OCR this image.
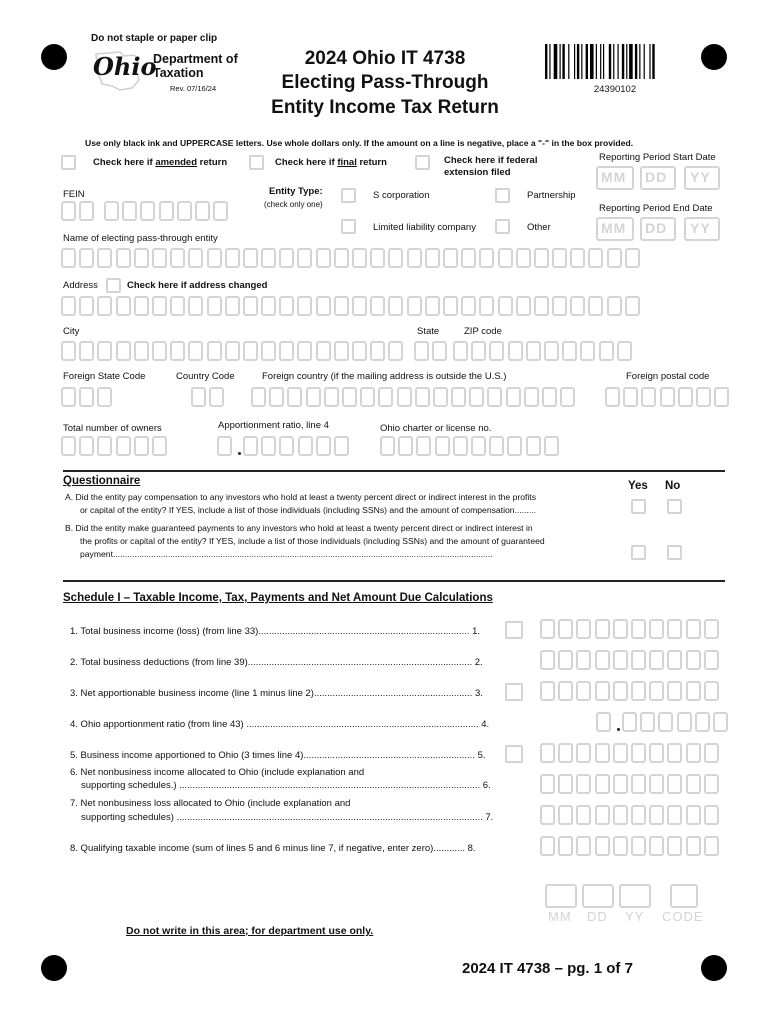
Do not staple or paper clip
Ohio
Department of
Taxation
Rev. 07/16/24
2024 Ohio IT 4738
Electing Pass-Through
Entity Income Tax Return
24390102
Use only black ink and UPPERCASE letters. Use whole dollars only. If the amount on a line is negative, place a "-" in the box provided.
Check here if amended return	Check here if final return	Check here if federal
extension filed
Reporting Period Start Date
MM DD YY
Reporting Period End Date
MM DD YY
FEIN	Entity Type:
(check only one)
S corporation	Partnership
Limited liability company	Other
Name of electing pass-through entity
Address	Check here if address changed
City	State	ZIP code
Foreign State Code	Country Code	Foreign country (if the mailing address is outside the U.S.)	Foreign postal code
Total number of owners	Apportionment ratio, line 4	Ohio charter or license no.
Questionnaire	Yes No
A. Did the entity pay compensation to any investors who hold at least a twenty percent direct or indirect interest in the profits
or capital of the entity? If YES, include a list of those individuals (including SSNs) and the amount of compensation.........
B. Did the entity make guaranteed payments to any investors who hold at least a twenty percent direct or indirect interest in
the profits or capital of the entity? If YES, include a list of those individuals (including SSNs) and the amount of guaranteed
payment...............................................................................................................................................................
Schedule I – Taxable Income, Tax, Payments and Net Amount Due Calculations
1. Total business income (loss) (from line 33)................................................................................ 1.
2. Total business deductions (from line 39)..................................................................................... 2.
3. Net apportionable business income (line 1 minus line 2)............................................................ 3.
4. Ohio apportionment ratio (from line 43) ........................................................................................ 4.
5. Business income apportioned to Ohio (3 times line 4)................................................................. 5.
6. Net nonbusiness income allocated to Ohio (include explanation and
supporting schedules.) .................................................................................................................. 6.
7. Net nonbusiness loss allocated to Ohio (include explanation and
supporting schedules) .................................................................................................................... 7.
8. Qualifying taxable income (sum of lines 5 and 6 minus line 7, if negative, enter zero)............ 8.
MM DD YY CODE
Do not write in this area; for department use only.
2024 IT 4738 – pg. 1 of 7
